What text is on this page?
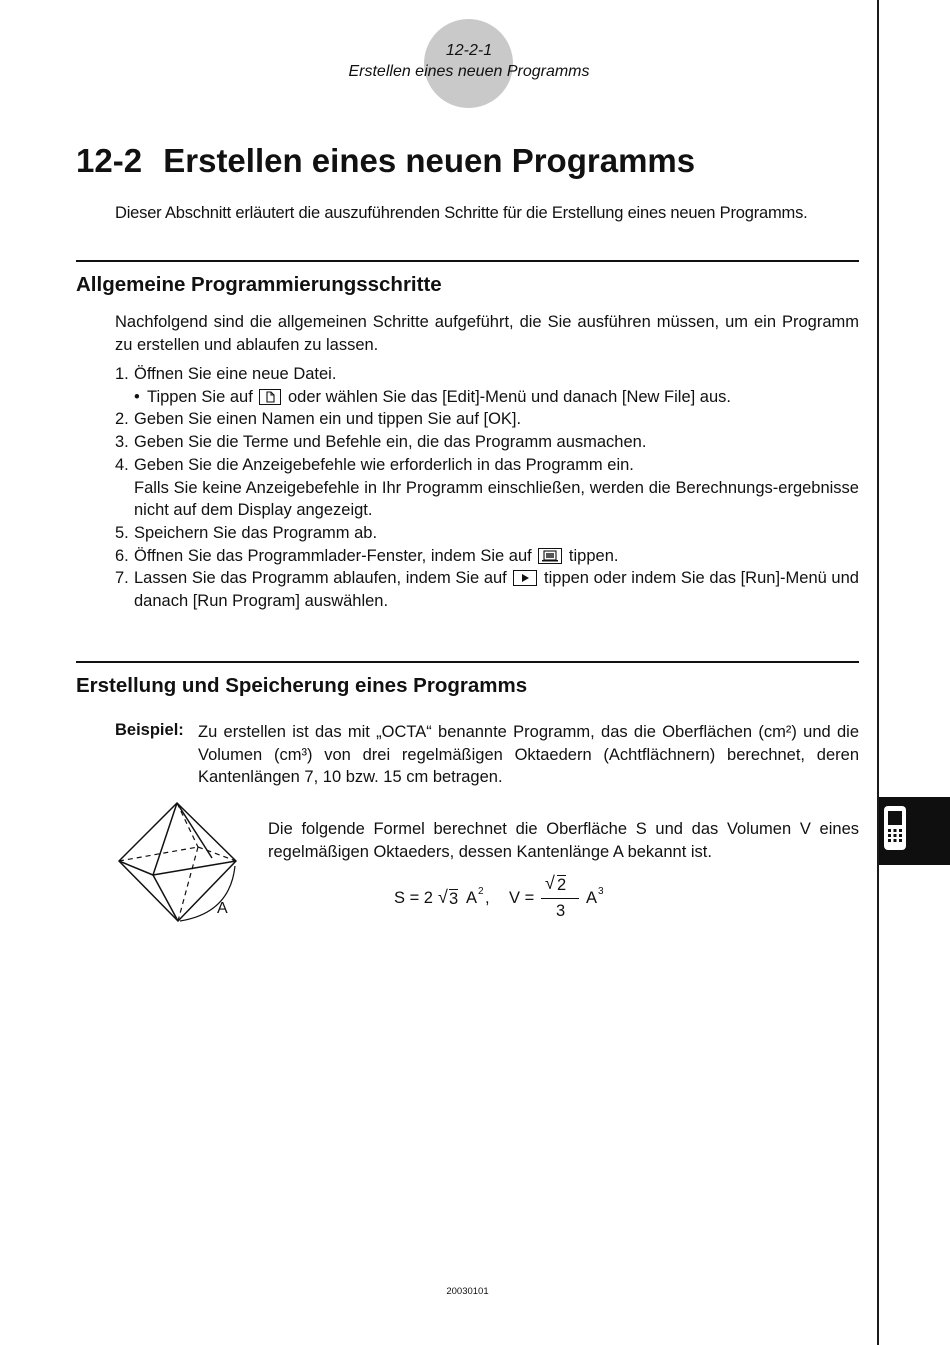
12-2-1
Erstellen eines neuen Programms
12-2 Erstellen eines neuen Programms
Dieser Abschnitt erläutert die auszuführenden Schritte für die Erstellung eines neuen Programms.
Allgemeine Programmierungsschritte
Nachfolgend sind die allgemeinen Schritte aufgeführt, die Sie ausführen müssen, um ein Programm zu erstellen und ablaufen zu lassen.
1. Öffnen Sie eine neue Datei.
• Tippen Sie auf oder wählen Sie das [Edit]-Menü und danach [New File] aus.
2. Geben Sie einen Namen ein und tippen Sie auf [OK].
3. Geben Sie die Terme und Befehle ein, die das Programm ausmachen.
4. Geben Sie die Anzeigebefehle wie erforderlich in das Programm ein.
Falls Sie keine Anzeigebefehle in Ihr Programm einschließen, werden die Berechnungs-ergebnisse nicht auf dem Display angezeigt.
5. Speichern Sie das Programm ab.
6. Öffnen Sie das Programmlader-Fenster, indem Sie auf tippen.
7. Lassen Sie das Programm ablaufen, indem Sie auf tippen oder indem Sie das [Run]-Menü und danach [Run Program] auswählen.
Erstellung und Speicherung eines Programms
Beispiel: Zu erstellen ist das mit „OCTA“ benannte Programm, das die Oberflächen (cm²) und die Volumen (cm³) von drei regelmäßigen Oktaedern (Achtflächnern) berechnet, deren Kantenlängen 7, 10 bzw. 15 cm betragen.
A
Die folgende Formel berechnet die Oberfläche S und das Volumen V eines regelmäßigen Oktaeders, dessen Kantenlänge A bekannt ist.
S = 2 √ 3 A 2 , V =
√ 2
3
A 3
20030101
